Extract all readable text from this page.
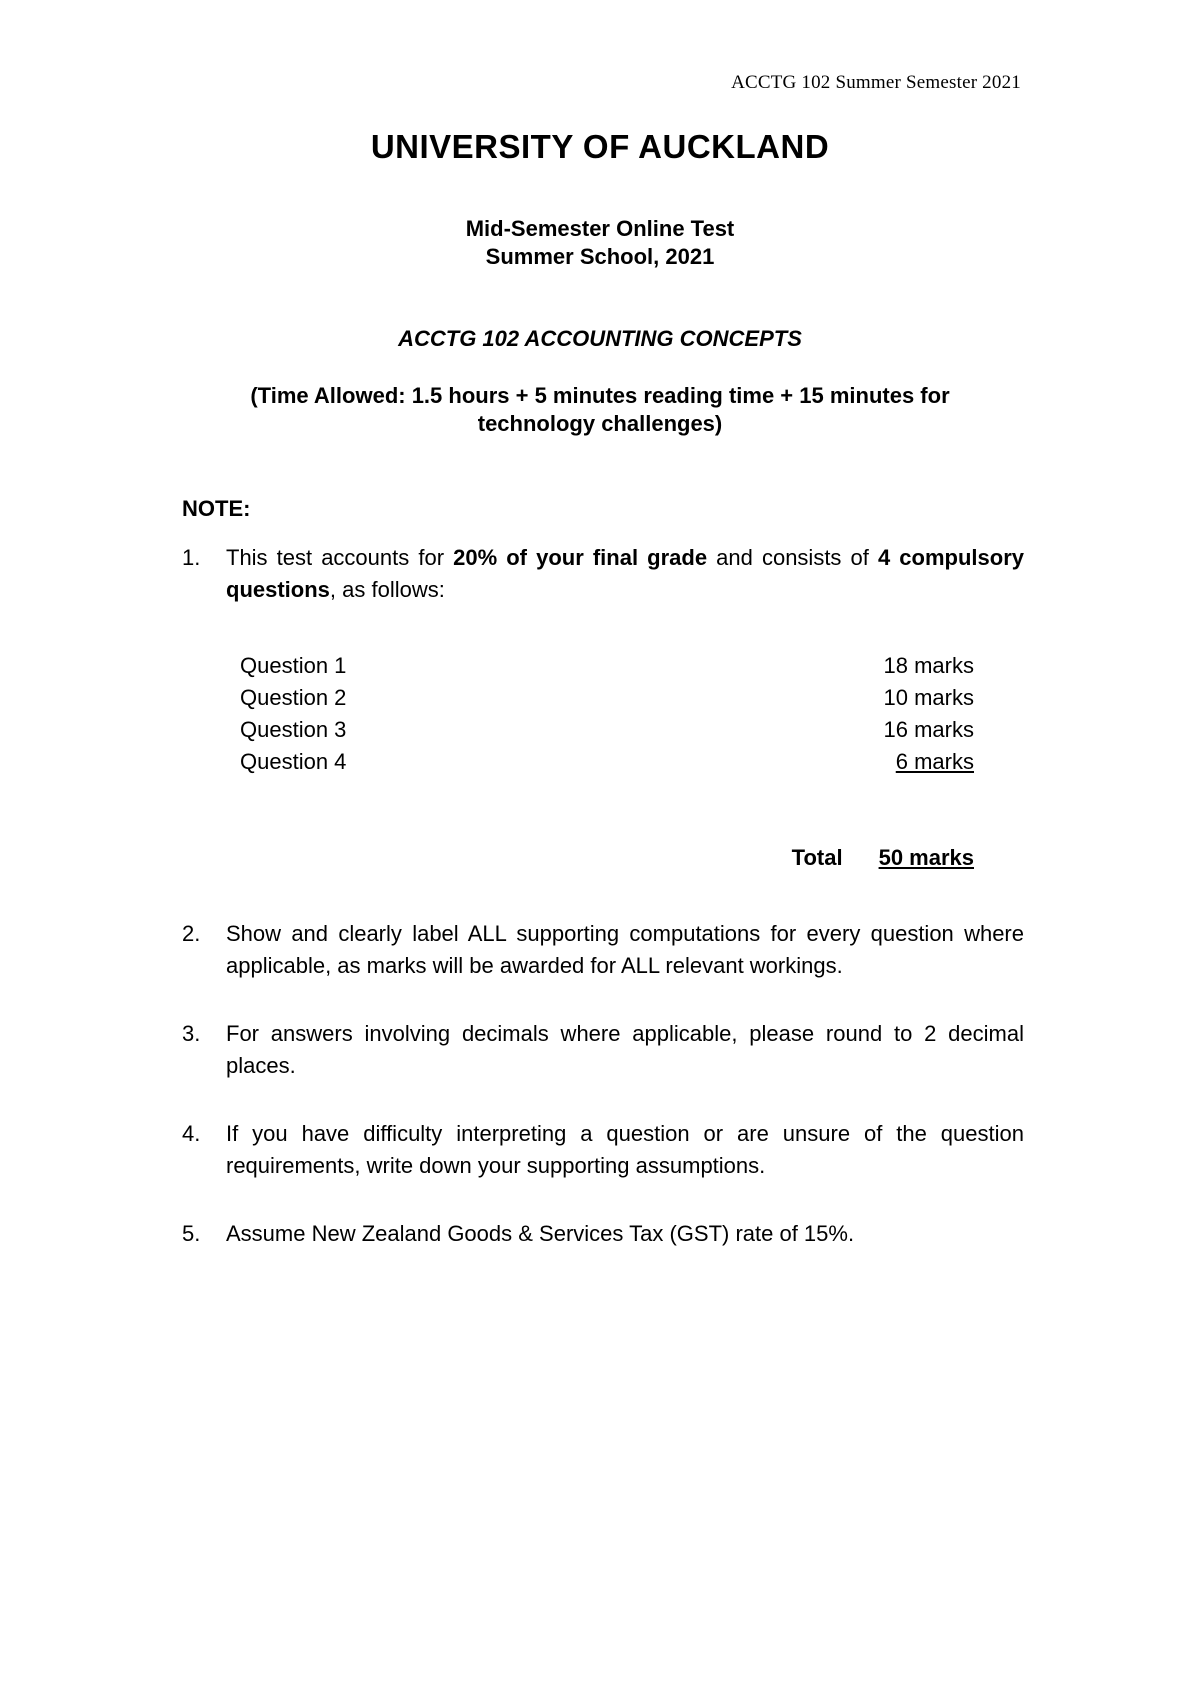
ACCTG 102 Summer Semester 2021
UNIVERSITY OF AUCKLAND
Mid-Semester Online Test
Summer School, 2021
ACCTG 102 ACCOUNTING CONCEPTS
(Time Allowed: 1.5 hours + 5 minutes reading time + 15 minutes for
technology challenges)
NOTE:
1. This test accounts for 20% of your final grade and consists of 4 compulsory questions, as follows:
Question 1	18 marks
Question 2	10 marks
Question 3	16 marks
Question 4	6 marks
Total 50 marks
2. Show and clearly label ALL supporting computations for every question where applicable, as marks will be awarded for ALL relevant workings.
3. For answers involving decimals where applicable, please round to 2 decimal places.
4. If you have difficulty interpreting a question or are unsure of the question requirements, write down your supporting assumptions.
5. Assume New Zealand Goods & Services Tax (GST) rate of 15%.
